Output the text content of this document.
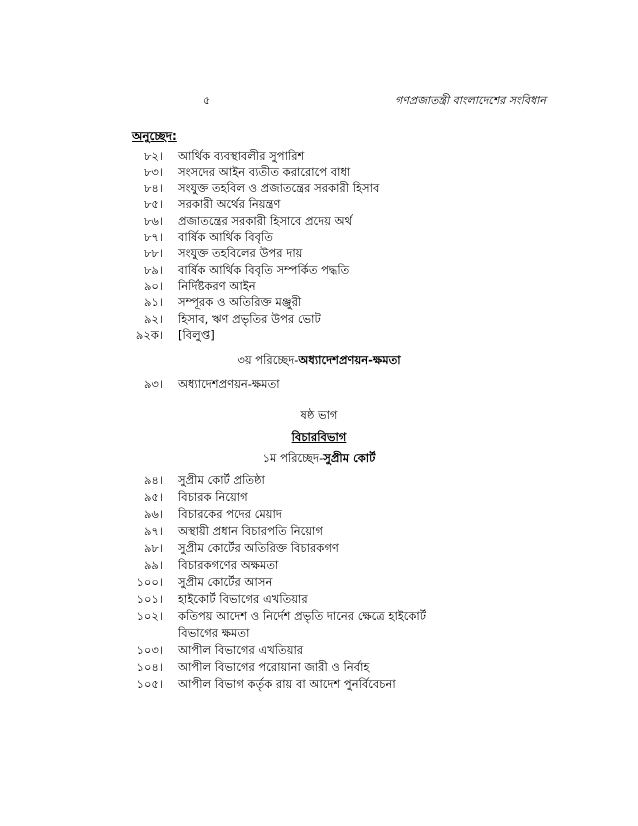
৫	গণপ্রজাতন্ত্রী বাংলাদেশের সংবিধান
অনুচ্ছেদ:
৮২। আর্থিক ব্যবস্থাবলীর সুপারিশ
৮৩। সংসদের আইন ব্যতীত করারোপে বাধা
৮৪। সংযুক্ত তহবিল ও প্রজাতন্ত্রের সরকারী হিসাব
৮৫। সরকারী অর্থের নিয়ন্ত্রণ
৮৬। প্রজাতন্ত্রের সরকারী হিসাবে প্রদেয় অর্থ
৮৭। বার্ষিক আর্থিক বিবৃতি
৮৮। সংযুক্ত তহবিলের উপর দায়
৮৯। বার্ষিক আর্থিক বিবৃতি সম্পর্কিত পদ্ধতি
৯০। নির্দিষ্টকরণ আইন
৯১। সম্পূরক ও অতিরিক্ত মঞ্জুরী
৯২। হিসাব, ঋণ প্রভৃতির উপর ভোট
৯২ক। [বিলুপ্ত]
৩য় পরিচ্ছেদ-অধ্যাদেশপ্রণয়ন-ক্ষমতা
৯৩। অধ্যাদেশপ্রণয়ন-ক্ষমতা
ষষ্ঠ ভাগ
বিচারবিভাগ
১ম পরিচ্ছেদ-সুপ্রীম কোর্ট
৯৪। সুপ্রীম কোর্ট প্রতিষ্ঠা
৯৫। বিচারক নিয়োগ
৯৬। বিচারকের পদের মেয়াদ
৯৭। অস্থায়ী প্রধান বিচারপতি নিয়োগ
৯৮। সুপ্রীম কোর্টের অতিরিক্ত বিচারকগণ
৯৯। বিচারকগণের অক্ষমতা
১০০। সুপ্রীম কোর্টের আসন
১০১। হাইকোর্ট বিভাগের এখতিয়ার
১০২। কতিপয় আদেশ ও নির্দেশ প্রভৃতি দানের ক্ষেত্রে হাইকোর্ট
বিভাগের ক্ষমতা
১০৩। আপীল বিভাগের এখতিয়ার
১০৪। আপীল বিভাগের পরোয়ানা জারী ও নির্বাহ
১০৫। আপীল বিভাগ কর্তৃক রায় বা আদেশ পুনর্বিবেচনা
